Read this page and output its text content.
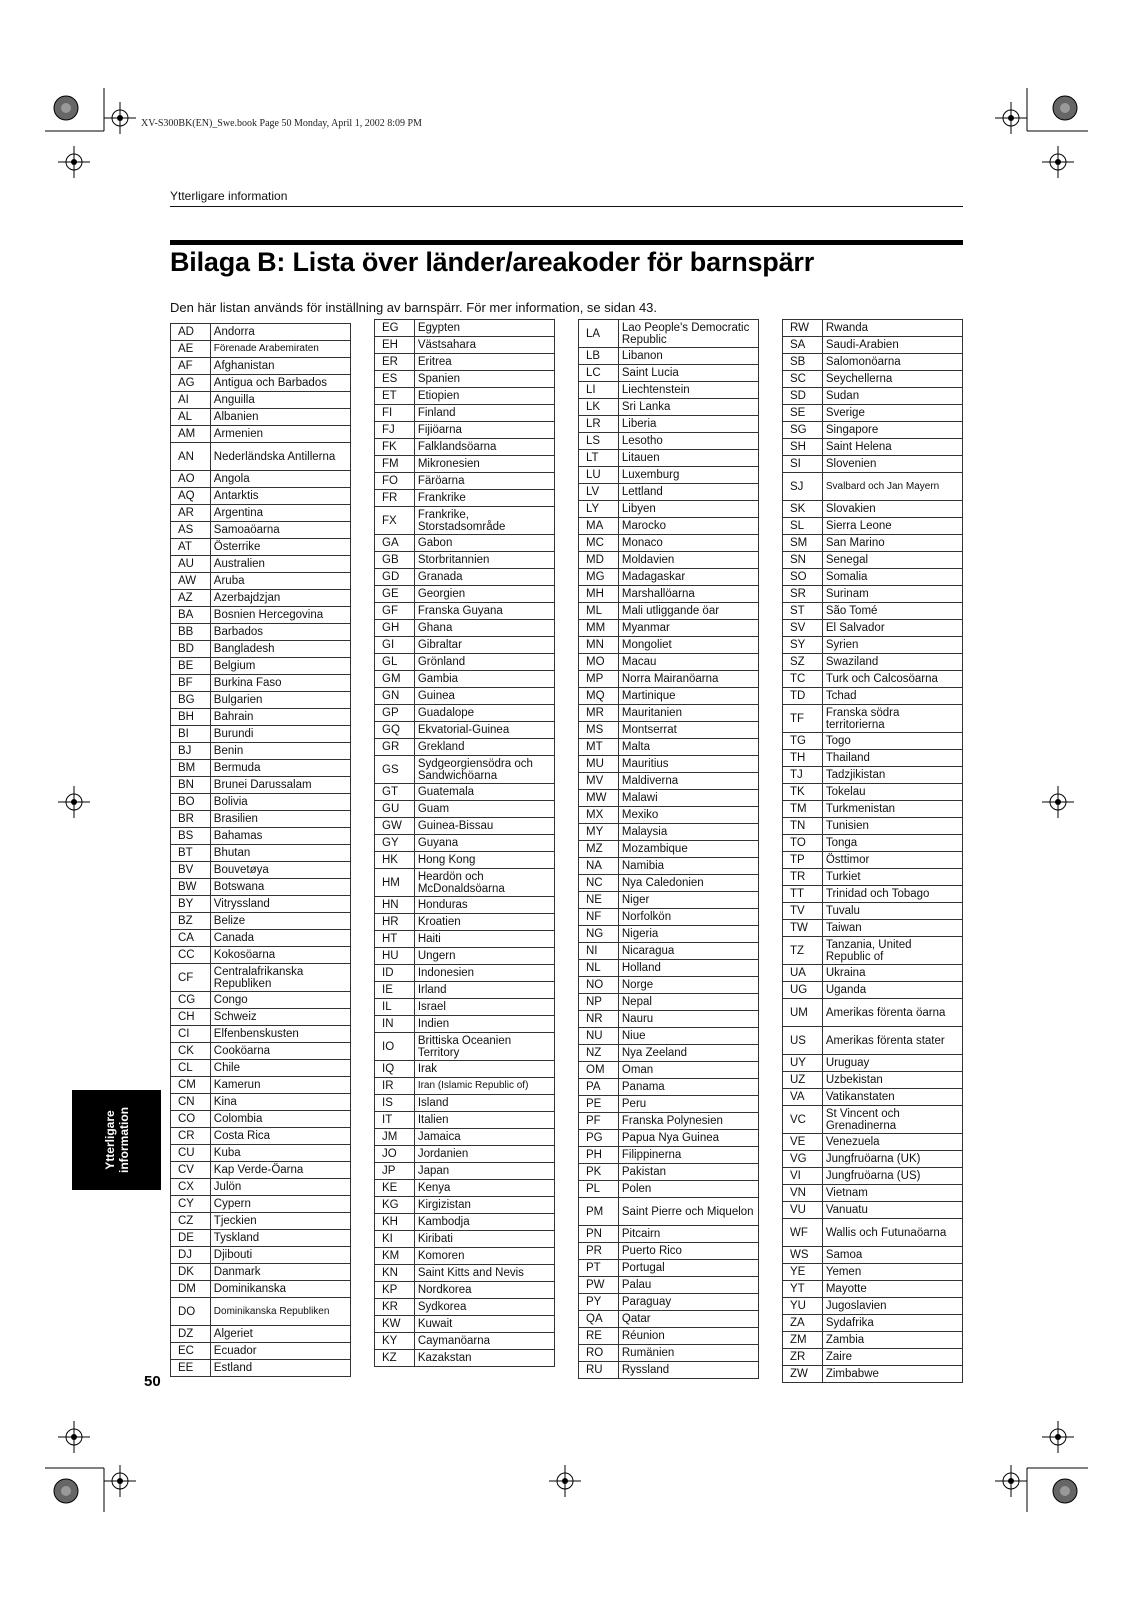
XV-S300BK(EN)_Swe.book Page 50 Monday, April 1, 2002 8:09 PM
Ytterligare information
Bilaga B: Lista över länder/areakoder för barnspärr

Den här listan används för inställning av barnspärr. För mer information, se sidan 43.

AD	Andorra
AE	Förenade Arabemiraten
AF	Afghanistan
AG	Antigua och Barbados
AI	Anguilla
AL	Albanien
AM	Armenien
AN	Nederländska Antillerna
AO	Angola
AQ	Antarktis
AR	Argentina
AS	Samoaöarna
AT	Österrike
AU	Australien
AW	Aruba
AZ	Azerbajdzjan
BA	Bosnien Hercegovina
BB	Barbados
BD	Bangladesh
BE	Belgium
BF	Burkina Faso
BG	Bulgarien
BH	Bahrain
BI	Burundi
BJ	Benin
BM	Bermuda
BN	Brunei Darussalam
BO	Bolivia
BR	Brasilien
BS	Bahamas
BT	Bhutan
BV	Bouvetøya
BW	Botswana
BY	Vitryssland
BZ	Belize
CA	Canada
CC	Kokosöarna
CF	Centralafrikanska Republiken
CG	Congo
CH	Schweiz
CI	Elfenbenskusten
CK	Cooköarna
CL	Chile
CM	Kamerun
CN	Kina
CO	Colombia
CR	Costa Rica
CU	Kuba
CV	Kap Verde-Öarna
CX	Julön
CY	Cypern
CZ	Tjeckien
DE	Tyskland
DJ	Djibouti
DK	Danmark
DM	Dominikanska
DO	Dominikanska Republiken
DZ	Algeriet
EC	Ecuador
EE	Estland
EG	Egypten
EH	Västsahara
ER	Eritrea
ES	Spanien
ET	Etiopien
FI	Finland
FJ	Fijiöarna
FK	Falklandsöarna
FM	Mikronesien
FO	Färöarna
FR	Frankrike
FX	Frankrike, Storstadsområde
GA	Gabon
GB	Storbritannien
GD	Granada
GE	Georgien
GF	Franska Guyana
GH	Ghana
GI	Gibraltar
GL	Grönland
GM	Gambia
GN	Guinea
GP	Guadalope
GQ	Ekvatorial-Guinea
GR	Grekland
GS	Sydgeorgiensödra och Sandwichöarna
GT	Guatemala
GU	Guam
GW	Guinea-Bissau
GY	Guyana
HK	Hong Kong
HM	Heardön och McDonaldsöarna
HN	Honduras
HR	Kroatien
HT	Haiti
HU	Ungern
ID	Indonesien
IE	Irland
IL	Israel
IN	Indien
IO	Brittiska Oceanien Territory
IQ	Irak
IR	Iran (Islamic Republic of)
IS	Island
IT	Italien
JM	Jamaica
JO	Jordanien
JP	Japan
KE	Kenya
KG	Kirgizistan
KH	Kambodja
KI	Kiribati
KM	Komoren
KN	Saint Kitts and Nevis
KP	Nordkorea
KR	Sydkorea
KW	Kuwait
KY	Caymanöarna
KZ	Kazakstan
LA	Lao People's Democratic Republic
LB	Libanon
LC	Saint Lucia
LI	Liechtenstein
LK	Sri Lanka
LR	Liberia
LS	Lesotho
LT	Litauen
LU	Luxemburg
LV	Lettland
LY	Libyen
MA	Marocko
MC	Monaco
MD	Moldavien
MG	Madagaskar
MH	Marshallöarna
ML	Mali utliggande öar
MM	Myanmar
MN	Mongoliet
MO	Macau
MP	Norra Mairanöarna
MQ	Martinique
MR	Mauritanien
MS	Montserrat
MT	Malta
MU	Mauritius
MV	Maldiverna
MW	Malawi
MX	Mexiko
MY	Malaysia
MZ	Mozambique
NA	Namibia
NC	Nya Caledonien
NE	Niger
NF	Norfolkön
NG	Nigeria
NI	Nicaragua
NL	Holland
NO	Norge
NP	Nepal
NR	Nauru
NU	Niue
NZ	Nya Zeeland
OM	Oman
PA	Panama
PE	Peru
PF	Franska Polynesien
PG	Papua Nya Guinea
PH	Filippinerna
PK	Pakistan
PL	Polen
PM	Saint Pierre och Miquelon
PN	Pitcairn
PR	Puerto Rico
PT	Portugal
PW	Palau
PY	Paraguay
QA	Qatar
RE	Réunion
RO	Rumänien
RU	Ryssland
RW	Rwanda
SA	Saudi-Arabien
SB	Salomonöarna
SC	Seychellerna
SD	Sudan
SE	Sverige
SG	Singapore
SH	Saint Helena
SI	Slovenien
SJ	Svalbard och Jan Mayern
SK	Slovakien
SL	Sierra Leone
SM	San Marino
SN	Senegal
SO	Somalia
SR	Surinam
ST	São Tomé
SV	El Salvador
SY	Syrien
SZ	Swaziland
TC	Turk och Calcosöarna
TD	Tchad
TF	Franska södra territorierna
TG	Togo
TH	Thailand
TJ	Tadzjikistan
TK	Tokelau
TM	Turkmenistan
TN	Tunisien
TO	Tonga
TP	Östtimor
TR	Turkiet
TT	Trinidad och Tobago
TV	Tuvalu
TW	Taiwan
TZ	Tanzania, United Republic of
UA	Ukraina
UG	Uganda
UM	Amerikas förenta öarna
US	Amerikas förenta stater
UY	Uruguay
UZ	Uzbekistan
VA	Vatikanstaten
VC	St Vincent och Grenadinerna
VE	Venezuela
VG	Jungfruöarna (UK)
VI	Jungfruöarna (US)
VN	Vietnam
VU	Vanuatu
WF	Wallis och Futunaöarna
WS	Samoa
YE	Yemen
YT	Mayotte
YU	Jugoslavien
ZA	Sydafrika
ZM	Zambia
ZR	Zaire
ZW	Zimbabwe
Ytterligare information
50
